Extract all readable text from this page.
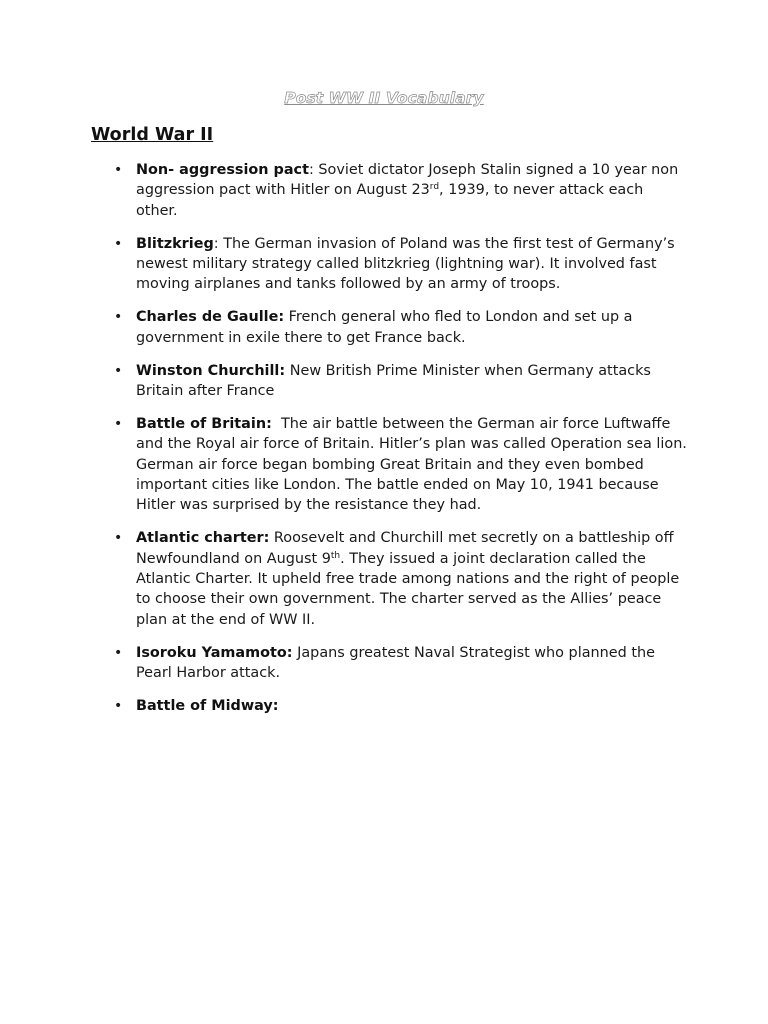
Post WW II Vocabulary
World War II
• Non- aggression pact: Soviet dictator Joseph Stalin signed a 10 year non aggression pact with Hitler on August 23rd, 1939, to never attack each other.
• Blitzkrieg: The German invasion of Poland was the first test of Germany’s newest military strategy called blitzkrieg (lightning war). It involved fast moving airplanes and tanks followed by an army of troops.
• Charles de Gaulle: French general who fled to London and set up a government in exile there to get France back.
• Winston Churchill: New British Prime Minister when Germany attacks Britain after France
• Battle of Britain:  The air battle between the German air force Luftwaffe and the Royal air force of Britain. Hitler’s plan was called Operation sea lion. German air force began bombing Great Britain and they even bombed important cities like London. The battle ended on May 10, 1941 because Hitler was surprised by the resistance they had.
• Atlantic charter: Roosevelt and Churchill met secretly on a battleship off Newfoundland on August 9th. They issued a joint declaration called the Atlantic Charter. It upheld free trade among nations and the right of people to choose their own government. The charter served as the Allies’ peace plan at the end of WW II.
• Isoroku Yamamoto: Japans greatest Naval Strategist who planned the Pearl Harbor attack.
• Battle of Midway:
